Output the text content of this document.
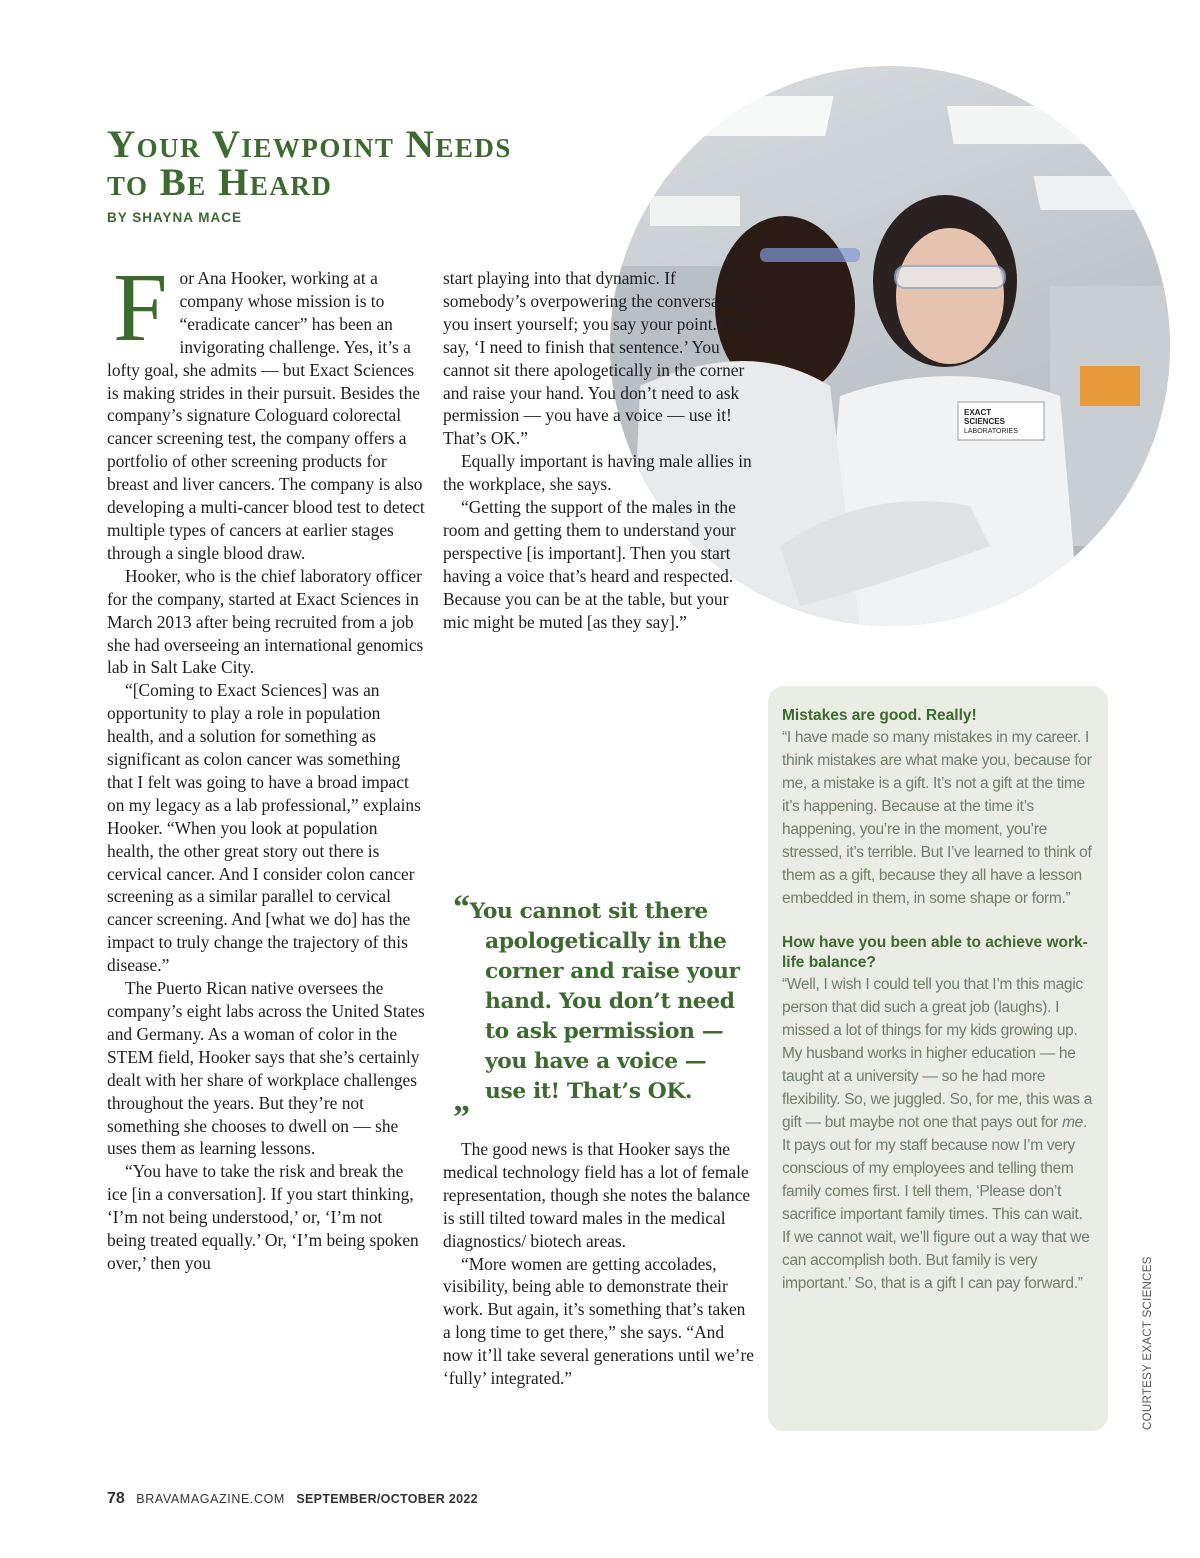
Your Viewpoint Needs
to Be Heard
BY SHAYNA MACE

For Ana Hooker, working at a company whose mission is to “eradicate cancer” has been an invigorating challenge. Yes, it’s a lofty goal, she admits — but Exact Sciences is making strides in their pursuit. Besides the company’s signature Cologuard colorectal cancer screening test, the company offers a portfolio of other screening products for breast and liver cancers. The company is also developing a multi-cancer blood test to detect multiple types of cancers at earlier stages through a single blood draw.

Hooker, who is the chief laboratory officer for the company, started at Exact Sciences in March 2013 after being recruited from a job she had overseeing an international genomics lab in Salt Lake City.

“[Coming to Exact Sciences] was an opportunity to play a role in population health, and a solution for something as significant as colon cancer was something that I felt was going to have a broad impact on my legacy as a lab professional,” explains Hooker. “When you look at population health, the other great story out there is cervical cancer. And I consider colon cancer screening as a similar parallel to cervical cancer screening. And [what we do] has the impact to truly change the trajectory of this disease.”

The Puerto Rican native oversees the company’s eight labs across the United States and Germany. As a woman of color in the STEM field, Hooker says that she’s certainly dealt with her share of workplace challenges throughout the years. But they’re not something she chooses to dwell on — she uses them as learning lessons.

“You have to take the risk and break the ice [in a conversation]. If you start thinking, ‘I’m not being understood,’ or, ‘I’m not being treated equally.’ Or, ‘I’m being spoken over,’ then you

EXACT
SCIENCES
LABORATORIES

start playing into that dynamic. If somebody’s overpowering the conversation, you insert yourself; you say your point. You say, ‘I need to finish that sentence.’ You cannot sit there apologetically in the corner and raise your hand. You don’t need to ask permission — you have a voice — use it! That’s OK.”

Equally important is having male allies in the workplace, she says.

“Getting the support of the males in the room and getting them to understand your perspective [is important]. Then you start having a voice that’s heard and respected. Because you can be at the table, but your mic might be muted [as they say].”

“You cannot sit there
apologetically in the corner and raise your hand. You don’t need to ask permission — you have a voice — use it! That’s OK.”

The good news is that Hooker says the medical technology field has a lot of female representation, though she notes the balance is still tilted toward males in the medical diagnostics/ biotech areas.

“More women are getting accolades, visibility, being able to demonstrate their work. But again, it’s something that’s taken a long time to get there,” she says. “And now it’ll take several generations until we’re ‘fully’ integrated.”

Mistakes are good. Really!
“I have made so many mistakes in my career. I think mistakes are what make you, because for me, a mistake is a gift. It’s not a gift at the time it’s happening. Because at the time it’s happening, you’re in the moment, you’re stressed, it’s terrible. But I’ve learned to think of them as a gift, because they all have a lesson embedded in them, in some shape or form.”
How have you been able to achieve work-life balance?
“Well, I wish I could tell you that I’m this magic person that did such a great job (laughs). I missed a lot of things for my kids growing up. My husband works in higher education — he taught at a university — so he had more flexibility. So, we juggled. So, for me, this was a gift — but maybe not one that pays out for me. It pays out for my staff because now I’m very conscious of my employees and telling them family comes first. I tell them, ‘Please don’t sacrifice important family times. This can wait. If we cannot wait, we’ll figure out a way that we can accomplish both. But family is very important.’ So, that is a gift I can pay forward.”	COURTESY EXACT SCIENCES
78 BRAVAMAGAZINE.COM SEPTEMBER/OCTOBER 2022
